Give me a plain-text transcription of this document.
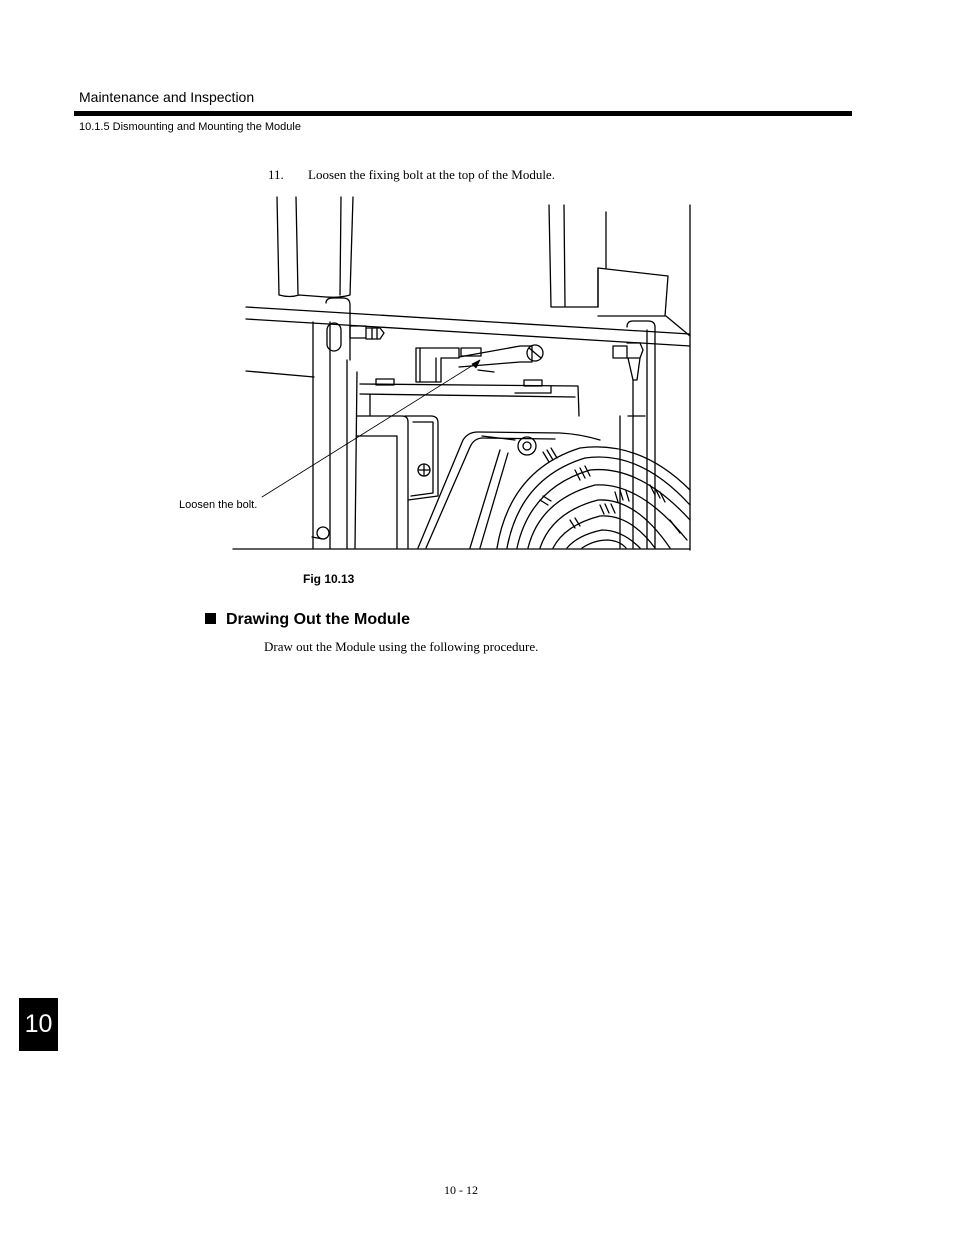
Maintenance and Inspection
10.1.5 Dismounting and Mounting the Module
11. Loosen the fixing bolt at the top of the Module.
Loosen the bolt.
Fig 10.13
Drawing Out the Module
Draw out the Module using the following procedure.
10
10 - 12
